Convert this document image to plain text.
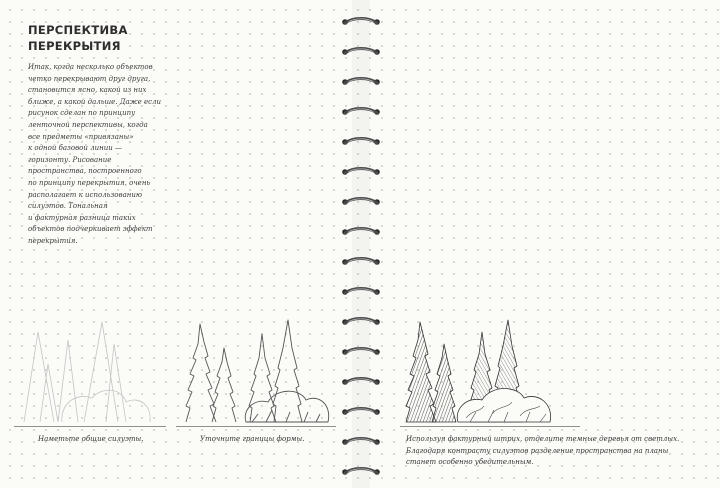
ПЕРСПЕКТИВА
ПЕРЕКРЫТИЯ
Итак, когда несколько объектов
четко перекрывают друг друга,
становится ясно, какой из них
ближе, а какой дальше. Даже если
рисунок сделан по принципу
ленточной перспективы, когда
все предметы «привязаны»
к одной базовой линии —
горизонту. Рисование
пространства, построенного
по принципу перекрытия, очень
располагает к использованию
силуэтов. Тональная
и фактурная разница таких
объектов подчеркивает эффект
перекрытия.
Наметьте общие силуэты.	Уточните границы формы.	Используя фактурный штрих, отделите темные деревья от светлых.
Благодаря контрасту силуэтов разделение пространства на планы
станет особенно убедительным.
